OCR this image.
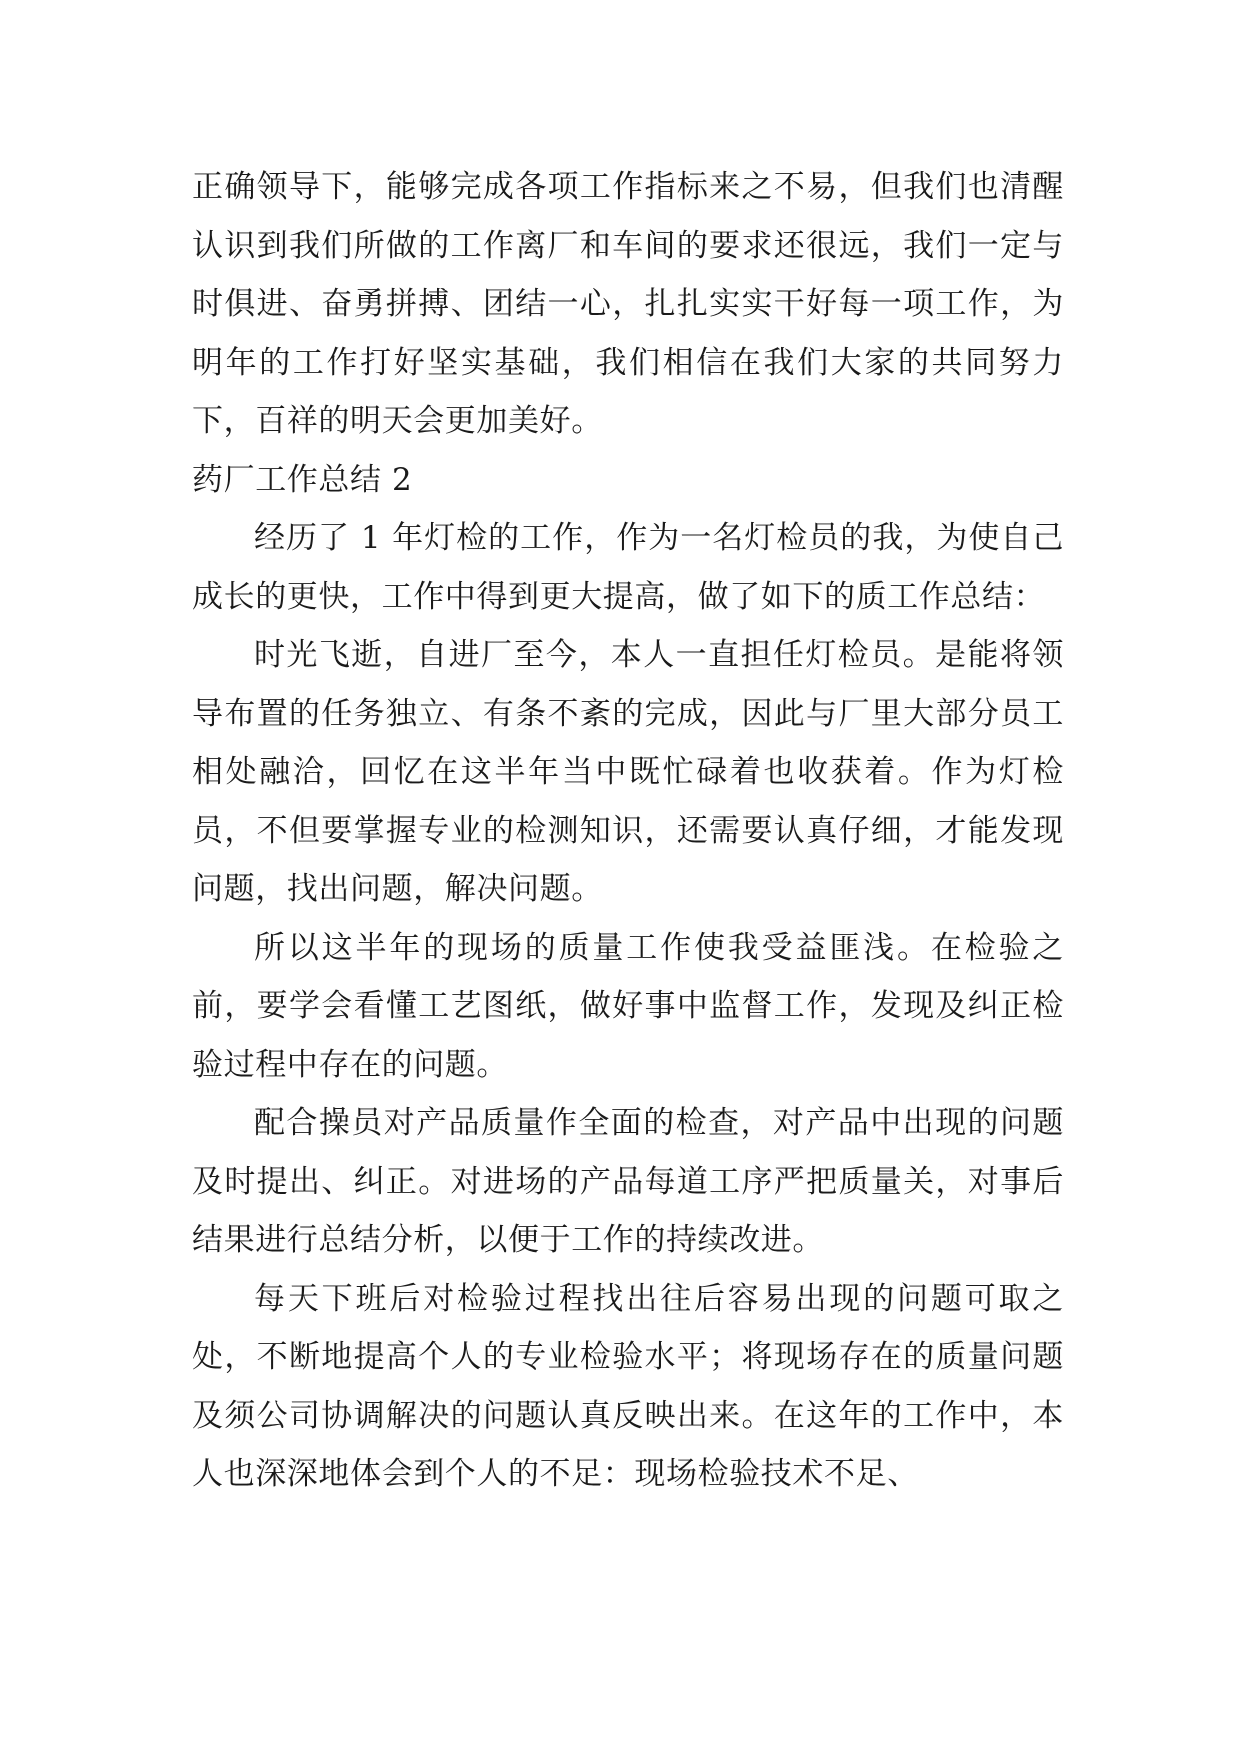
正确领导下，能够完成各项工作指标来之不易，但我们也清醒认识到我们所做的工作离厂和车间的要求还很远，我们一定与时俱进、奋勇拼搏、团结一心，扎扎实实干好每一项工作，为明年的工作打好坚实基础，我们相信在我们大家的共同努力下，百祥的明天会更加美好。

药厂工作总结 2

经历了 1 年灯检的工作，作为一名灯检员的我，为使自己成长的更快，工作中得到更大提高，做了如下的质工作总结：

时光飞逝，自进厂至今，本人一直担任灯检员。是能将领导布置的任务独立、有条不紊的完成，因此与厂里大部分员工相处融洽，回忆在这半年当中既忙碌着也收获着。作为灯检员，不但要掌握专业的检测知识，还需要认真仔细，才能发现问题，找出问题，解决问题。

所以这半年的现场的质量工作使我受益匪浅。在检验之前，要学会看懂工艺图纸，做好事中监督工作，发现及纠正检验过程中存在的问题。

配合操员对产品质量作全面的检查，对产品中出现的问题及时提出、纠正。对进场的产品每道工序严把质量关，对事后结果进行总结分析，以便于工作的持续改进。

每天下班后对检验过程找出往后容易出现的问题可取之处，不断地提高个人的专业检验水平；将现场存在的质量问题及须公司协调解决的问题认真反映出来。在这年的工作中，本人也深深地体会到个人的不足：现场检验技术不足、
